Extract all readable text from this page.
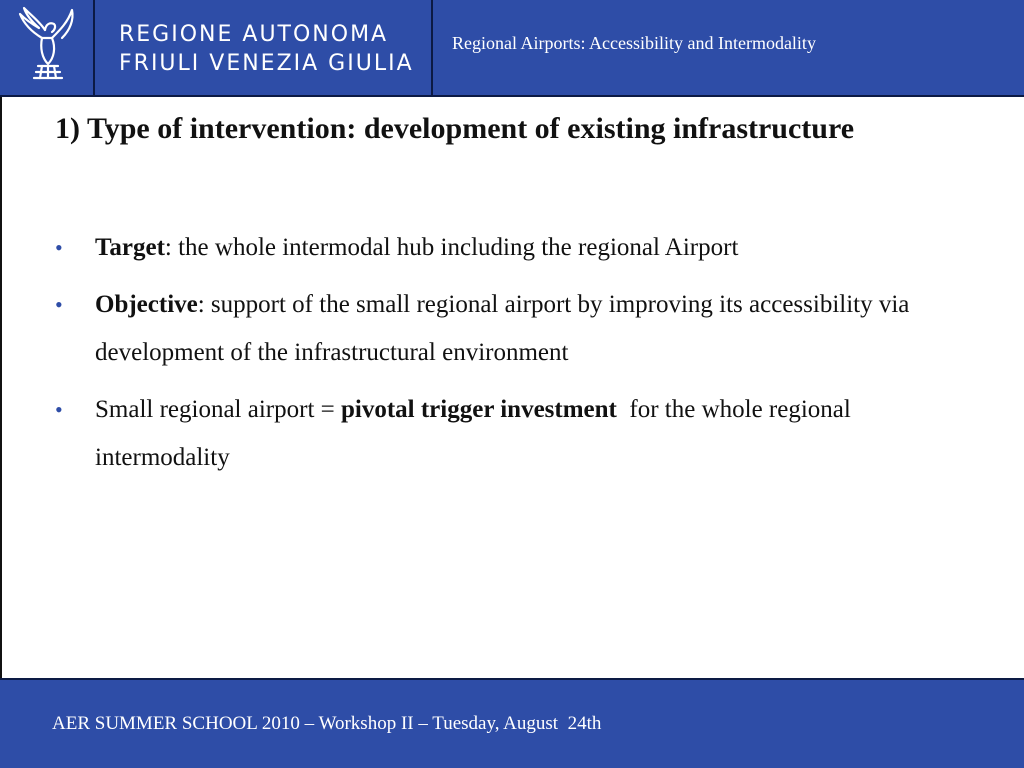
REGIONE AUTONOMA
FRIULI VENEZIA GIULIA
Regional Airports: Accessibility and Intermodality
1) Type of intervention: development of existing infrastructure
• Target: the whole intermodal hub including the regional Airport
• Objective: support of the small regional airport by improving its accessibility via development of the infrastructural environment
• Small regional airport = pivotal trigger investment  for the whole regional intermodality
AER SUMMER SCHOOL 2010 – Workshop II – Tuesday, August  24th
